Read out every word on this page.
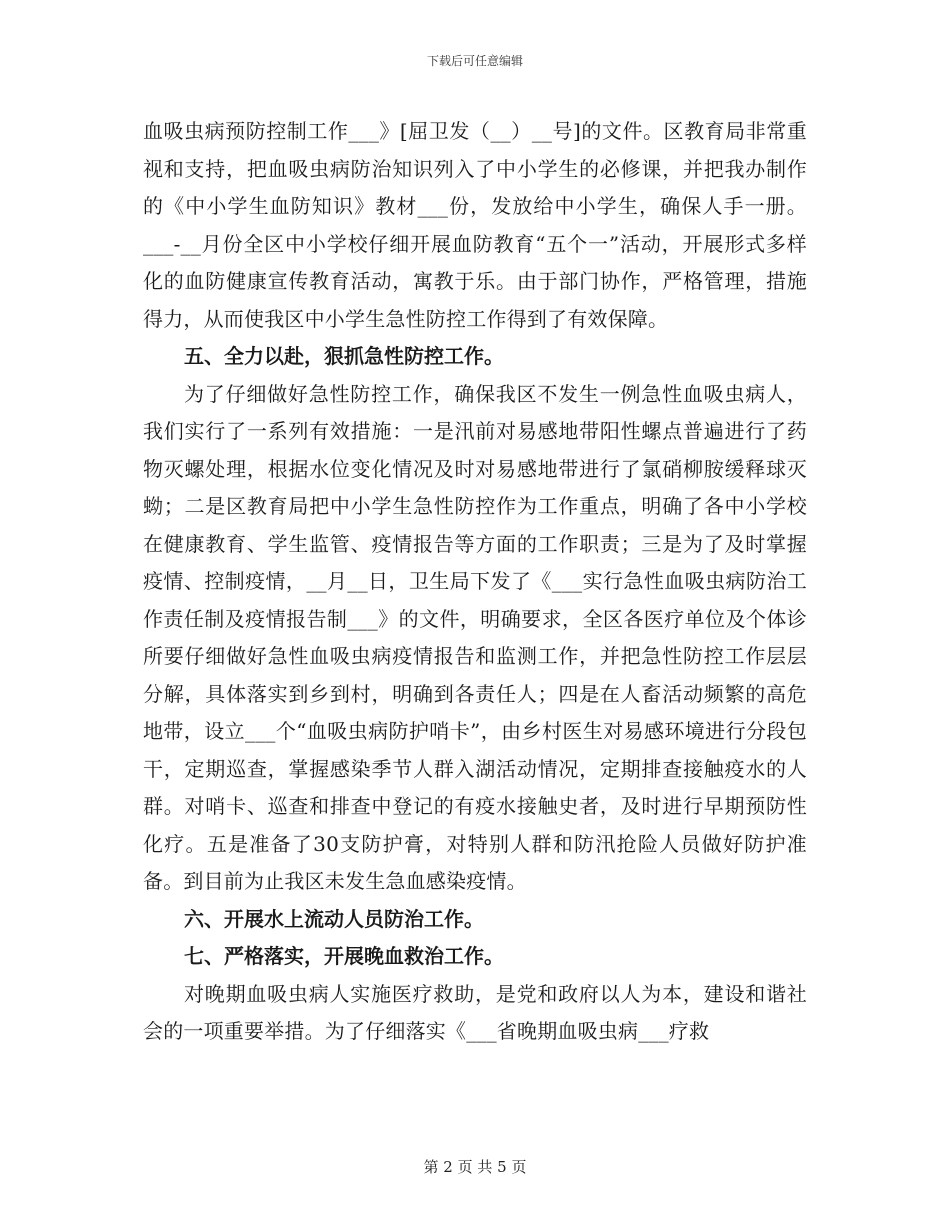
下载后可任意编辑

血吸虫病预防控制工作___》[屈卫发（__）__号]的文件。区教育局非常重视和支持，把血吸虫病防治知识列入了中小学生的必修课，并把我办制作的《中小学生血防知识》教材___份，发放给中小学生，确保人手一册。___-__月份全区中小学校仔细开展血防教育“五个一”活动，开展形式多样化的血防健康宣传教育活动，寓教于乐。由于部门协作，严格管理，措施得力，从而使我区中小学生急性防控工作得到了有效保障。

五、全力以赴，狠抓急性防控工作。

为了仔细做好急性防控工作，确保我区不发生一例急性血吸虫病人，我们实行了一系列有效措施：一是汛前对易感地带阳性螺点普遍进行了药物灭螺处理，根据水位变化情况及时对易感地带进行了氯硝柳胺缓释球灭蚴；二是区教育局把中小学生急性防控作为工作重点，明确了各中小学校在健康教育、学生监管、疫情报告等方面的工作职责；三是为了及时掌握疫情、控制疫情，__月__日，卫生局下发了《___实行急性血吸虫病防治工作责任制及疫情报告制___》的文件，明确要求，全区各医疗单位及个体诊所要仔细做好急性血吸虫病疫情报告和监测工作，并把急性防控工作层层分解，具体落实到乡到村，明确到各责任人；四是在人畜活动频繁的高危地带，设立___个“血吸虫病防护哨卡”，由乡村医生对易感环境进行分段包干，定期巡查，掌握感染季节人群入湖活动情况，定期排查接触疫水的人群。对哨卡、巡查和排查中登记的有疫水接触史者，及时进行早期预防性化疗。五是准备了30支防护膏，对特别人群和防汛抢险人员做好防护准备。到目前为止我区未发生急血感染疫情。

六、开展水上流动人员防治工作。

七、严格落实，开展晚血救治工作。

对晚期血吸虫病人实施医疗救助，是党和政府以人为本，建设和谐社会的一项重要举措。为了仔细落实《___省晚期血吸虫病___疗救

第 2 页 共 5 页
